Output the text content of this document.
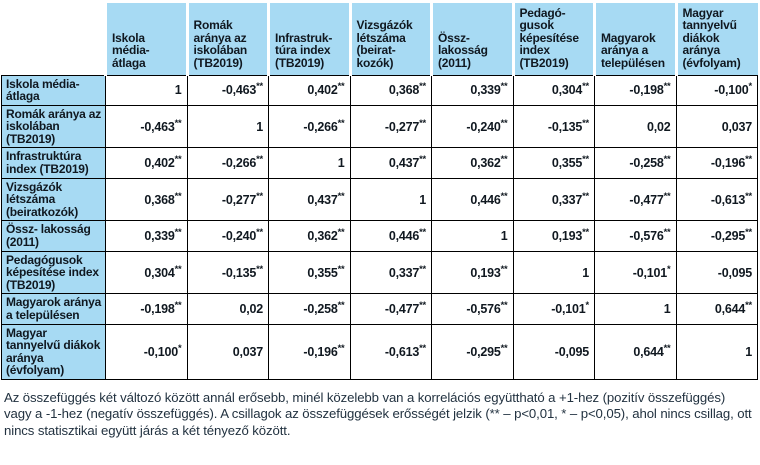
	Iskola média-átlaga	Romák aránya az iskolában (TB2019)	Infrastruk-túra index (TB2019)	Vizsgázók létszáma (beirat-kozók)	Össz-lakosság (2011)	Pedagó-gusok képesítése index (TB2019)	Magyarok aránya a településen	Magyar tannyelvű diákok aránya (évfolyam)
Iskola média-átlaga	1	-0,463**	0,402**	0,368**	0,339**	0,304**	-0,198**	-0,100*
Romák aránya az iskolában (TB2019)	-0,463**	1	-0,266**	-0,277**	-0,240**	-0,135**	0,02	0,037
Infrastruktúra index (TB2019)	0,402**	-0,266**	1	0,437**	0,362**	0,355**	-0,258**	-0,196**
Vizsgázók létszáma (beiratkozók)	0,368**	-0,277**	0,437**	1	0,446**	0,337**	-0,477**	-0,613**
Össz- lakosság (2011)	0,339**	-0,240**	0,362**	0,446**	1	0,193**	-0,576**	-0,295**
Pedagógusok képesítése index (TB2019)	0,304**	-0,135**	0,355**	0,337**	0,193**	1	-0,101*	-0,095
Magyarok aránya a településen	-0,198**	0,02	-0,258**	-0,477**	-0,576**	-0,101*	1	0,644**
Magyar tannyelvű diákok aránya (évfolyam)	-0,100*	0,037	-0,196**	-0,613**	-0,295**	-0,095	0,644**	1

Az összefüggés két változó között annál erősebb, minél közelebb van a korrelációs együttható a +1-hez (pozitív összefüggés) vagy a -1-hez (negatív összefüggés). A csillagok az összefüggések erősségét jelzik (** – p<0,01, * – p<0,05), ahol nincs csillag, ott nincs statisztikai együtt járás a két tényező között.
